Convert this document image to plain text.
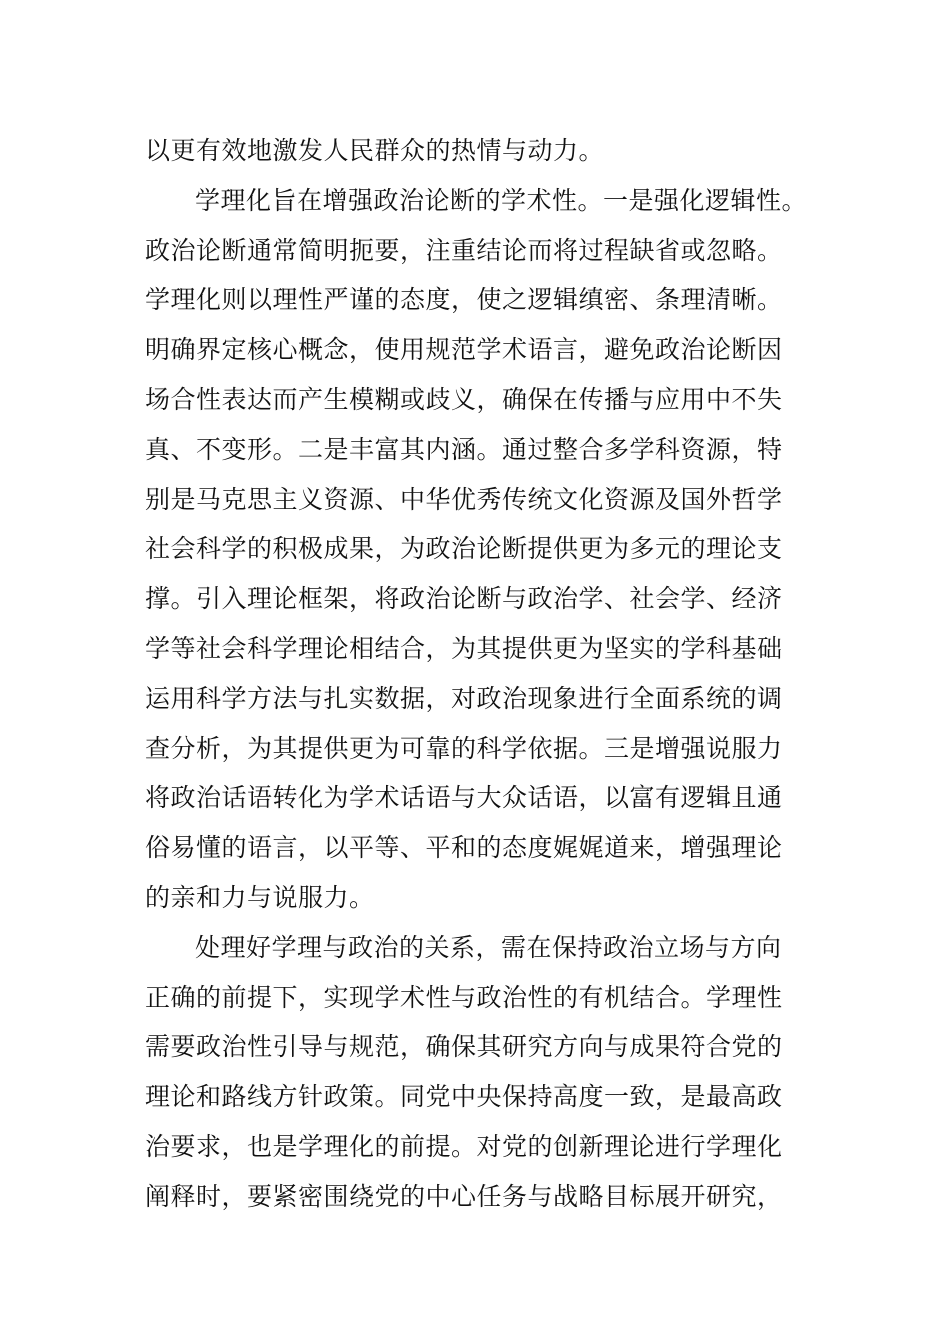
以更有效地激发人民群众的热情与动力。
学理化旨在增强政治论断的学术性。一是强化逻辑性。
政治论断通常简明扼要，注重结论而将过程缺省或忽略。
学理化则以理性严谨的态度，使之逻辑缜密、条理清晰。
明确界定核心概念，使用规范学术语言，避免政治论断因
场合性表达而产生模糊或歧义，确保在传播与应用中不失
真、不变形。二是丰富其内涵。通过整合多学科资源，特
别是马克思主义资源、中华优秀传统文化资源及国外哲学
社会科学的积极成果，为政治论断提供更为多元的理论支
撑。引入理论框架，将政治论断与政治学、社会学、经济
学等社会科学理论相结合，为其提供更为坚实的学科基础
运用科学方法与扎实数据，对政治现象进行全面系统的调
查分析，为其提供更为可靠的科学依据。三是增强说服力
将政治话语转化为学术话语与大众话语，以富有逻辑且通
俗易懂的语言，以平等、平和的态度娓娓道来，增强理论
的亲和力与说服力。
处理好学理与政治的关系，需在保持政治立场与方向
正确的前提下，实现学术性与政治性的有机结合。学理性
需要政治性引导与规范，确保其研究方向与成果符合党的
理论和路线方针政策。同党中央保持高度一致，是最高政
治要求，也是学理化的前提。对党的创新理论进行学理化
阐释时，要紧密围绕党的中心任务与战略目标展开研究，
